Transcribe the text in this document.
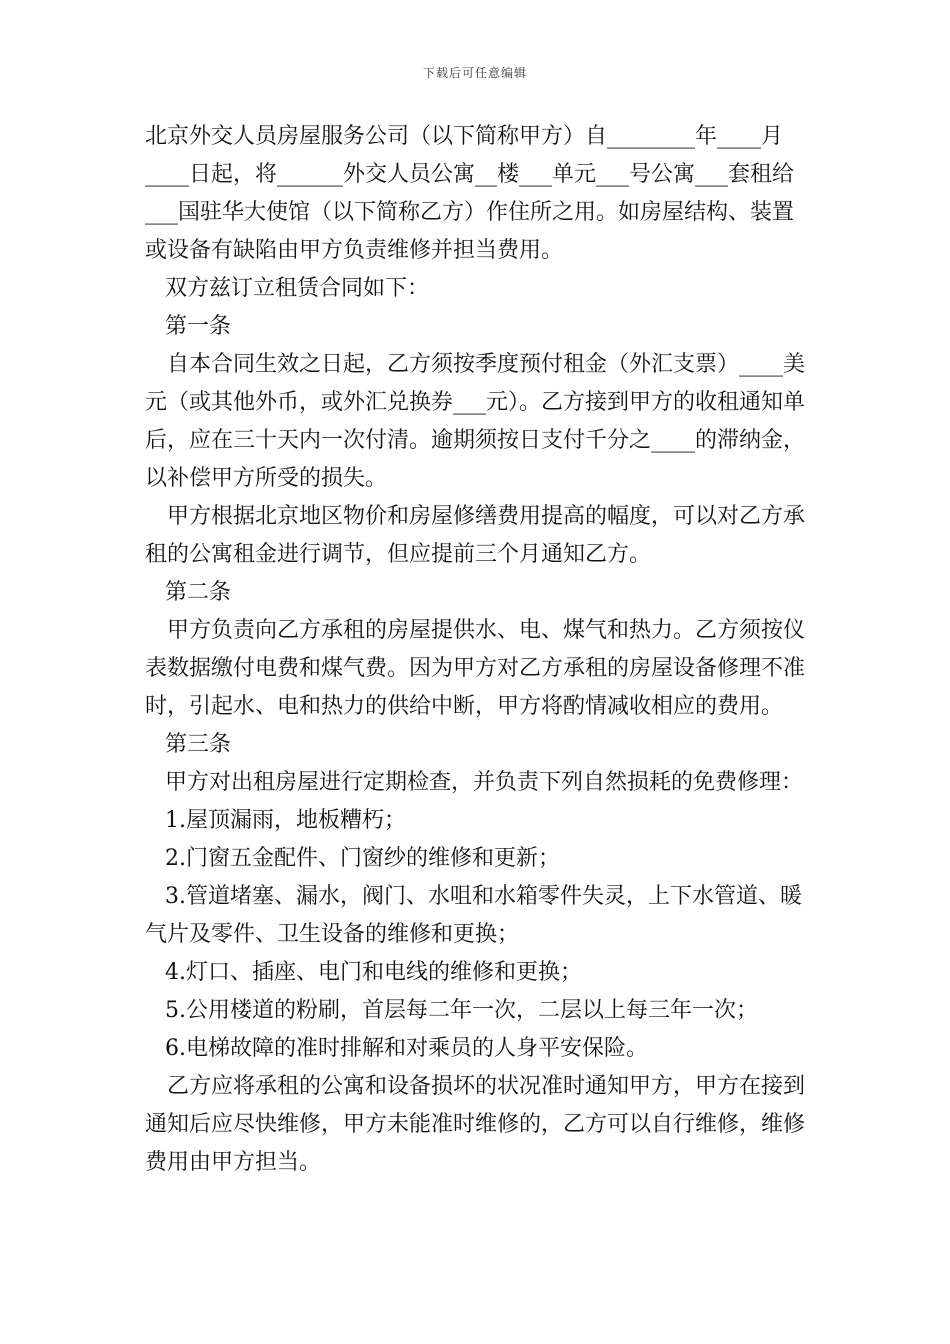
下载后可任意编辑

北京外交人员房屋服务公司（以下简称甲方）自________年____月____日起，将______外交人员公寓__楼___单元___号公寓___套租给___国驻华大使馆（以下简称乙方）作住所之用。如房屋结构、装置或设备有缺陷由甲方负责维修并担当费用。

双方兹订立租赁合同如下：

第一条

自本合同生效之日起，乙方须按季度预付租金（外汇支票）____美元（或其他外币，或外汇兑换券___元）。乙方接到甲方的收租通知单后，应在三十天内一次付清。逾期须按日支付千分之____的滞纳金，以补偿甲方所受的损失。

甲方根据北京地区物价和房屋修缮费用提高的幅度，可以对乙方承租的公寓租金进行调节，但应提前三个月通知乙方。

第二条

甲方负责向乙方承租的房屋提供水、电、煤气和热力。乙方须按仪表数据缴付电费和煤气费。因为甲方对乙方承租的房屋设备修理不准时，引起水、电和热力的供给中断，甲方将酌情减收相应的费用。

第三条

甲方对出租房屋进行定期检查，并负责下列自然损耗的免费修理：

1.屋顶漏雨，地板糟朽；

2.门窗五金配件、门窗纱的维修和更新；

3.管道堵塞、漏水，阀门、水咀和水箱零件失灵，上下水管道、暖气片及零件、卫生设备的维修和更换；

4.灯口、插座、电门和电线的维修和更换；

5.公用楼道的粉刷，首层每二年一次，二层以上每三年一次；

6.电梯故障的准时排解和对乘员的人身平安保险。

乙方应将承租的公寓和设备损坏的状况准时通知甲方，甲方在接到通知后应尽快维修，甲方未能准时维修的，乙方可以自行维修，维修费用由甲方担当。
